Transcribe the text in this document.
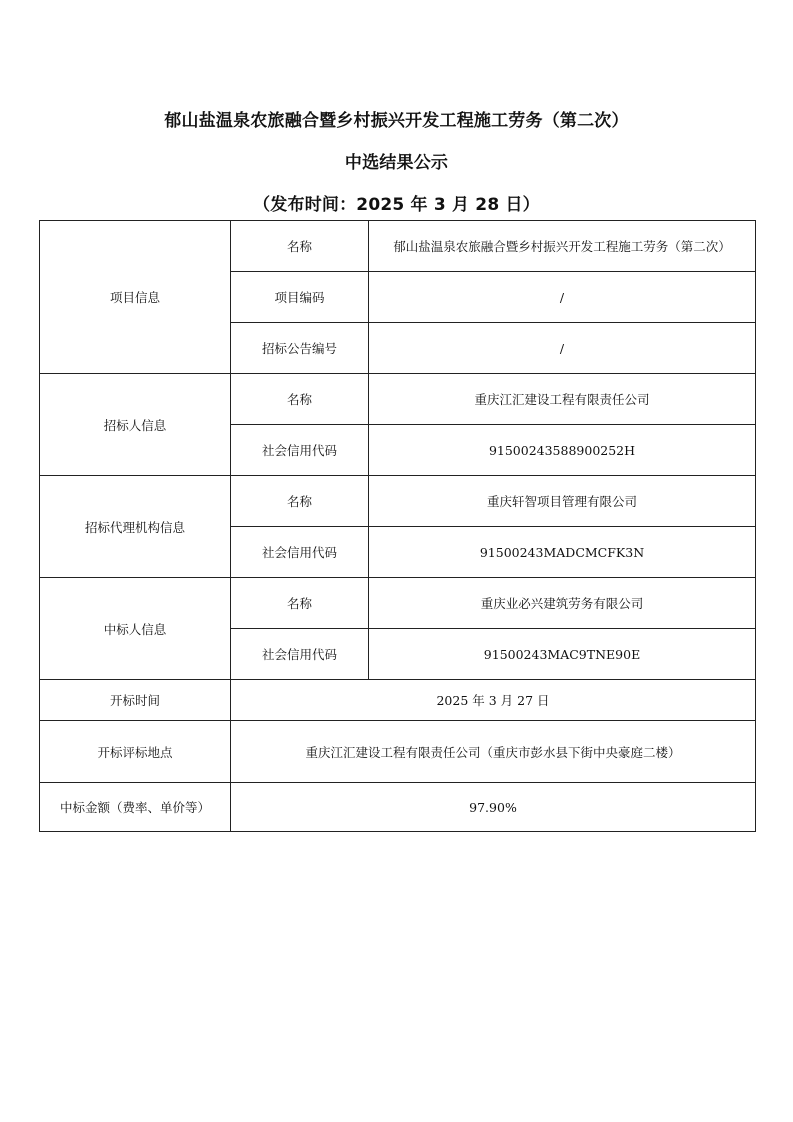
郁山盐温泉农旅融合暨乡村振兴开发工程施工劳务（第二次）
中选结果公示
（发布时间：2025 年 3 月 28 日）
项目信息	名称	郁山盐温泉农旅融合暨乡村振兴开发工程施工劳务（第二次）
	项目编码	/
	招标公告编号	/
招标人信息	名称	重庆江汇建设工程有限责任公司
	社会信用代码	91500243588900252H
招标代理机构信息	名称	重庆轩智项目管理有限公司
	社会信用代码	91500243MADCMCFK3N
中标人信息	名称	重庆业必兴建筑劳务有限公司
	社会信用代码	91500243MAC9TNE90E
开标时间	2025 年 3 月 27 日	
开标评标地点	重庆江汇建设工程有限责任公司（重庆市彭水县下街中央豪庭二楼）	
中标金额（费率、单价等）	97.90%	
